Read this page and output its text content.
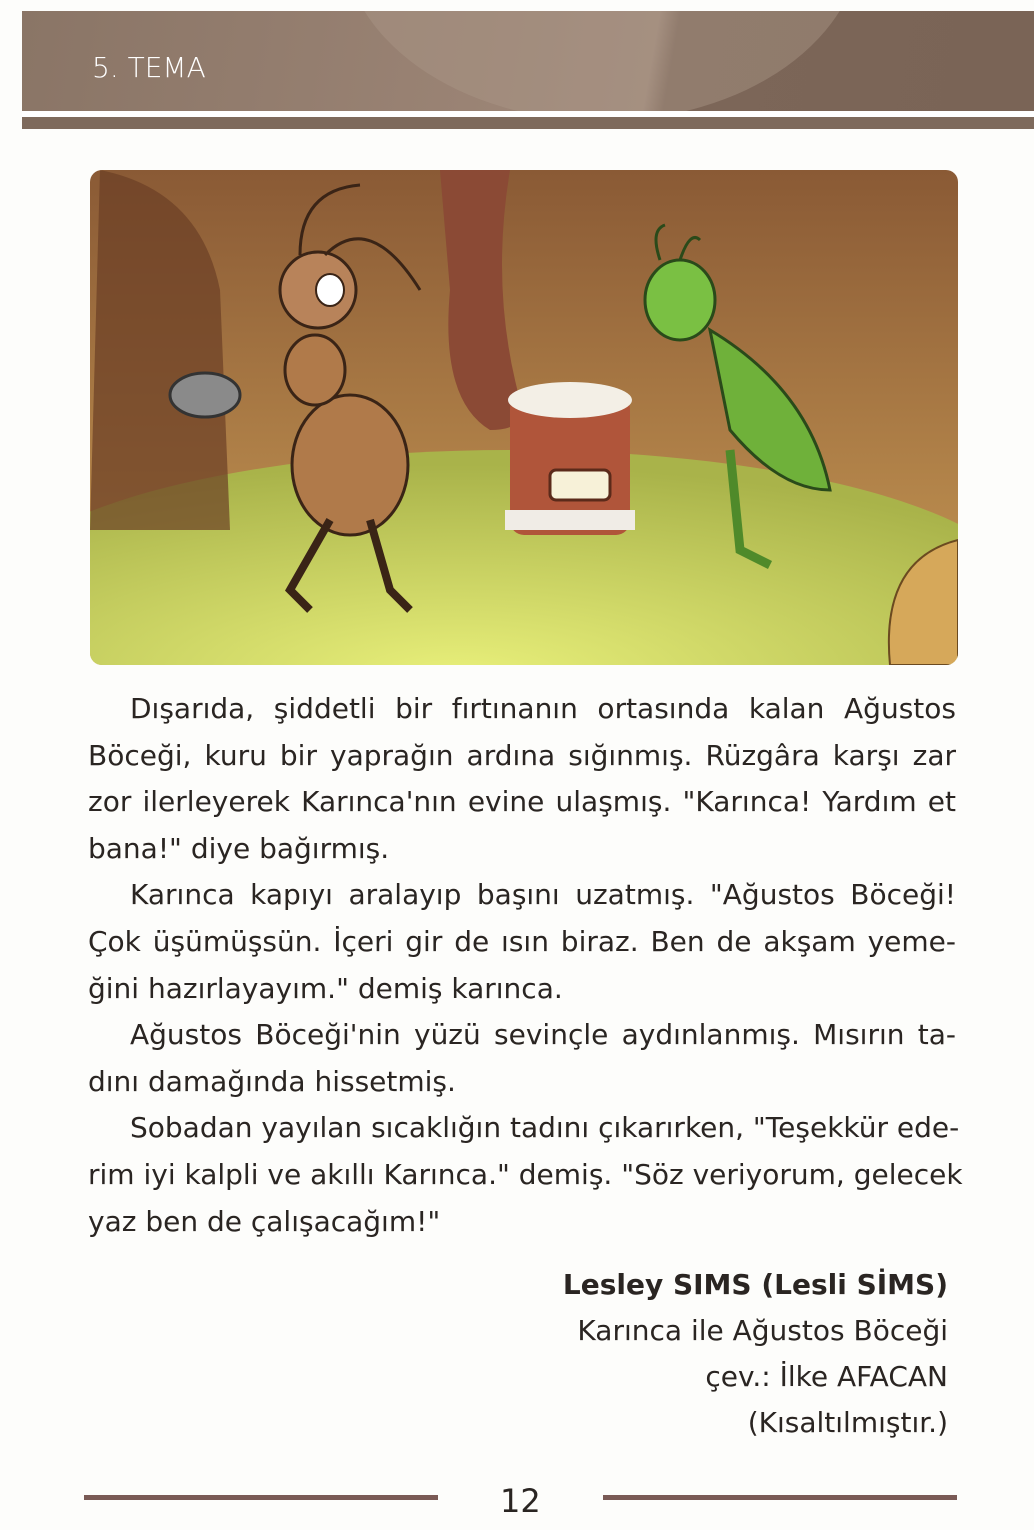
5. TEMA
Dışarıda, şiddetli bir fırtınanın ortasında kalan Ağustos
Böceği, kuru bir yaprağın ardına sığınmış. Rüzgâra karşı zar
zor ilerleyerek Karınca'nın evine ulaşmış. "Karınca! Yardım et
bana!" diye bağırmış.
Karınca kapıyı aralayıp başını uzatmış. "Ağustos Böceği!
Çok üşümüşsün. İçeri gir de ısın biraz. Ben de akşam yeme-
ğini hazırlayayım." demiş karınca.
Ağustos Böceği'nin yüzü sevinçle aydınlanmış. Mısırın ta-
dını damağında hissetmiş.
Sobadan yayılan sıcaklığın tadını çıkarırken, "Teşekkür ede-
rim iyi kalpli ve akıllı Karınca." demiş. "Söz veriyorum, gelecek
yaz ben de çalışacağım!"
Lesley SIMS (Lesli SİMS)
Karınca ile Ağustos Böceği
çev.: İlke AFACAN
(Kısaltılmıştır.)
12
